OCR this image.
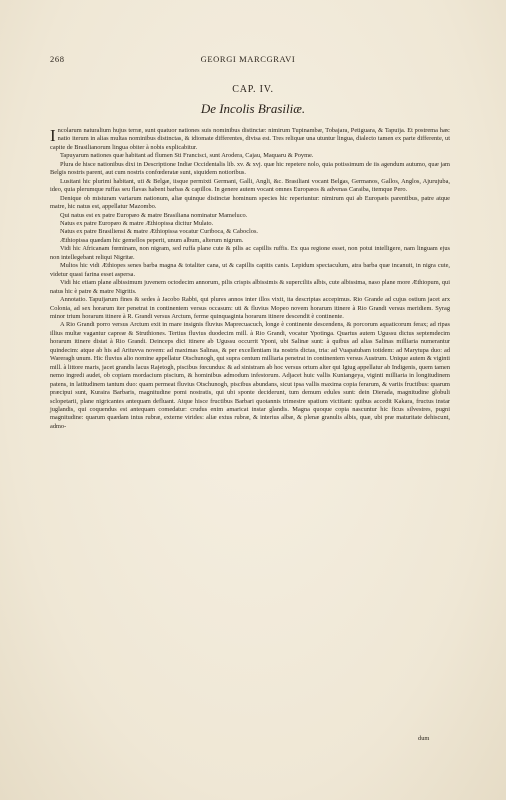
268	GEORGI MARCGRAVI
CAP. IV.
De Incolis Brasiliæ.

Incolarum naturalium hujus terræ, sunt quatuor nationes suis nominibus distinctæ: nimirum Tupinambæ, Tobajara, Petiguara, & Tapuija. Et postrema hæc natio iterum in alias multas nominibus distinctas, & idiomate differentes, divisa est. Tres reliquæ una utuntur lingua, dialecto tamen ex parte differente, ut capite de Brasilianorum lingua obiter à nobis explicabitur.

Tapuyarum nationes quæ habitant ad flumen Sti Francisci, sunt Arodera, Cajau, Maquaru & Poyme.

Plura de hisce nationibus dixi in Descriptione Indiæ Occidentalis lib. xv. & xvj. quæ hic repetere nolo, quia potissimum de iis agendum autumo, quæ jam Belgis nostris parent, aut cum nostris confœderatæ sunt, siquidem notioribus.

Lusitani hic plurimi habitant, uti & Belgæ, iisque permixti Germani, Galli, Angli, &c. Brasiliani vocant Belgas, Germanos, Gallos, Anglos, Ajurujuba, ideo, quia plerumque ruffas seu flavas habent barbas & capillos. In genere autem vocant omnes Europæos & advenas Caraiba, itemque Pero.

Denique ob misturam variarum nationum, aliæ quinque distinctæ hominum species hic reperiuntur: nimirum qui ab Europæis parentibus, patre atque matre, hic natus est, appellatur Mazombo.

Qui natus est ex patre Europæo & matre Brasiliana nominatur Mameluco.

Natus ex patre Europæo & matre Æthiopissa dicitur Mulato.

Natus ex patre Brasiliensi & matre Æthiopissa vocatur Curiboca, & Caboclos.

Æthiopissa quædam hic gemellos peperit, unum album, alterum nigrum.

Vidi hic Africanam fœminam, non nigram, sed ruffa plane cute & pilis ac capillis ruffis. Ex qua regione esset, non potui intelligere, nam linguam ejus non intellegebant reliqui Nigritæ.

Multos hic vidi Æthiopes senes barba magna & totaliter cana, ut & capillis capitis canis. Lepidum spectaculum, atra barba quæ incanuit, in nigra cute, videtur quasi farina esset aspersa.

Vidi hic etiam plane albissimum juvenem octodecim annorum, pilis crispis albissimis & superciliis albis, cute albissima, naso plane more Æthiopum, qui natus hic è patre & matre Nigritis.

Annotatio. Tapuijarum fines & sedes à Jacobo Rabbi, qui plures annos inter illos vixit, ita descriptas accepimus. Rio Grande ad cujus ostium jacet arx Colonia, ad sex horarum iter penetrat in continentem versus occasum: uti & fluvius Mopeo novem horarum itinere à Rio Grandi versus meridiem. Syrag minor trium horarum itinere à R. Grandi versus Arctum, ferme quinquaginta horarum itinere descendit è continente.

A Rio Grandi porro versus Arctum exit in mare insignis fluvius Maprecuacuch, longe è continente descendens, & porcorum aquaticorum ferax; ad ripas illius multæ vagantur capreæ & Struthiones. Tertius fluvius duodecim mill. à Rio Grandi, vocatur Ypotinga. Quartus autem Ugussu dictus septemdecim horarum itinere distat à Rio Grandi. Deinceps dici itinere ab Ugussu occurrit Yponi, ubi Salinæ sunt: à quibus ad alias Salinas milliaria numerantur quindecim: atque ab his ad Arituvva novem: ad maximas Salinas, & per excellentiam ita nostris dictas, tria: ad Vuapatubam totidem: ad Marytupa duo: ad Wareragh unum. Hic fluvius alio nomine appellatur Otschunogh, qui supra centum milliaria penetrat in continentem versus Austrum. Unique autem & viginti mill. à littore maris, jacet grandis lacus Rajetogh, piscibus fœcundus: & ad sinistram ab hoc versus ortum alter qui Igtug appellatur ab Indigenis, quem tamen nemo ingredi audet, ob copiam mordacium piscium, & hominibus admodum infestorum. Adjacet huic vallis Kuniangeya, viginti milliaria in longitudinem patens, in latitudinem tantum duo: quam permeat fluvius Otschunogh, piscibus abundans, sicut ipsa vallis maxima copia ferarum, & variis fructibus: quarum præcipui sunt, Kuraira Barbaris, magnitudine pomi nostratis, qui ubi sponte deciderunt, tum demum edules sunt: dein Dierada, magnitudine globuli sclopetarii, plane nigricantes antequam defluant. Atque hisce fructibus Barbari quotannis trimestre spatium victitant: quibus accedit Kakara, fructus instar juglandis, qui coquendus est antequam comedatur: crudus enim amaricat instar glandis. Magna quoque copia nascuntur hic ficus silvestres, pugni magnitudine: quarum quædam intus rubræ, externe virides: aliæ extus rubræ, & interius albæ, & plenæ granulis albis, quæ, ubi præ maturitate dehiscunt, admo-

dum
